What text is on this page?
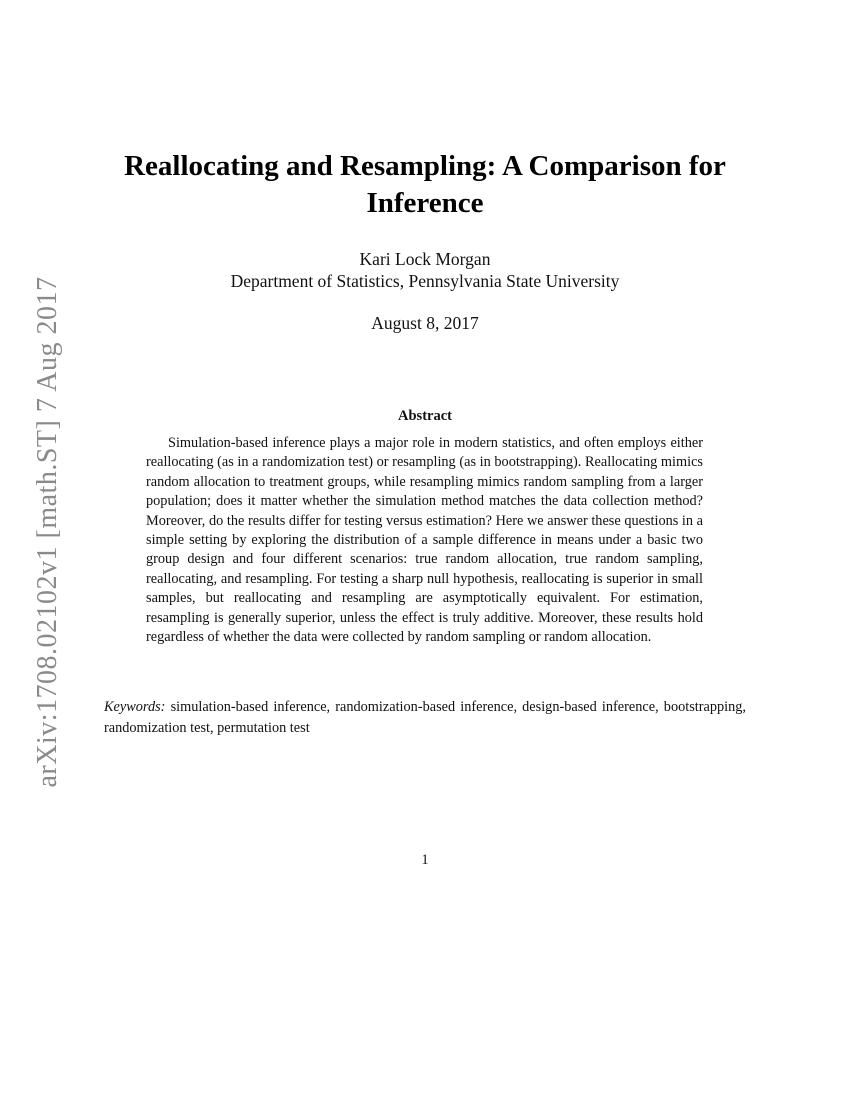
arXiv:1708.02102v1 [math.ST] 7 Aug 2017
Reallocating and Resampling: A Comparison for Inference
Kari Lock Morgan
Department of Statistics, Pennsylvania State University
August 8, 2017
Abstract

Simulation-based inference plays a major role in modern statistics, and often employs either reallocating (as in a randomization test) or resampling (as in bootstrapping). Reallocating mimics random allocation to treatment groups, while resampling mimics random sampling from a larger population; does it matter whether the simulation method matches the data collection method? Moreover, do the results differ for testing versus estimation? Here we answer these questions in a simple setting by exploring the distribution of a sample difference in means under a basic two group design and four different scenarios: true random allocation, true random sampling, reallocating, and resampling. For testing a sharp null hypothesis, reallocating is superior in small samples, but reallocating and resampling are asymptotically equivalent. For estimation, resampling is generally superior, unless the effect is truly additive. Moreover, these results hold regardless of whether the data were collected by random sampling or random allocation.

Keywords: simulation-based inference, randomization-based inference, design-based inference, bootstrapping, randomization test, permutation test

1
